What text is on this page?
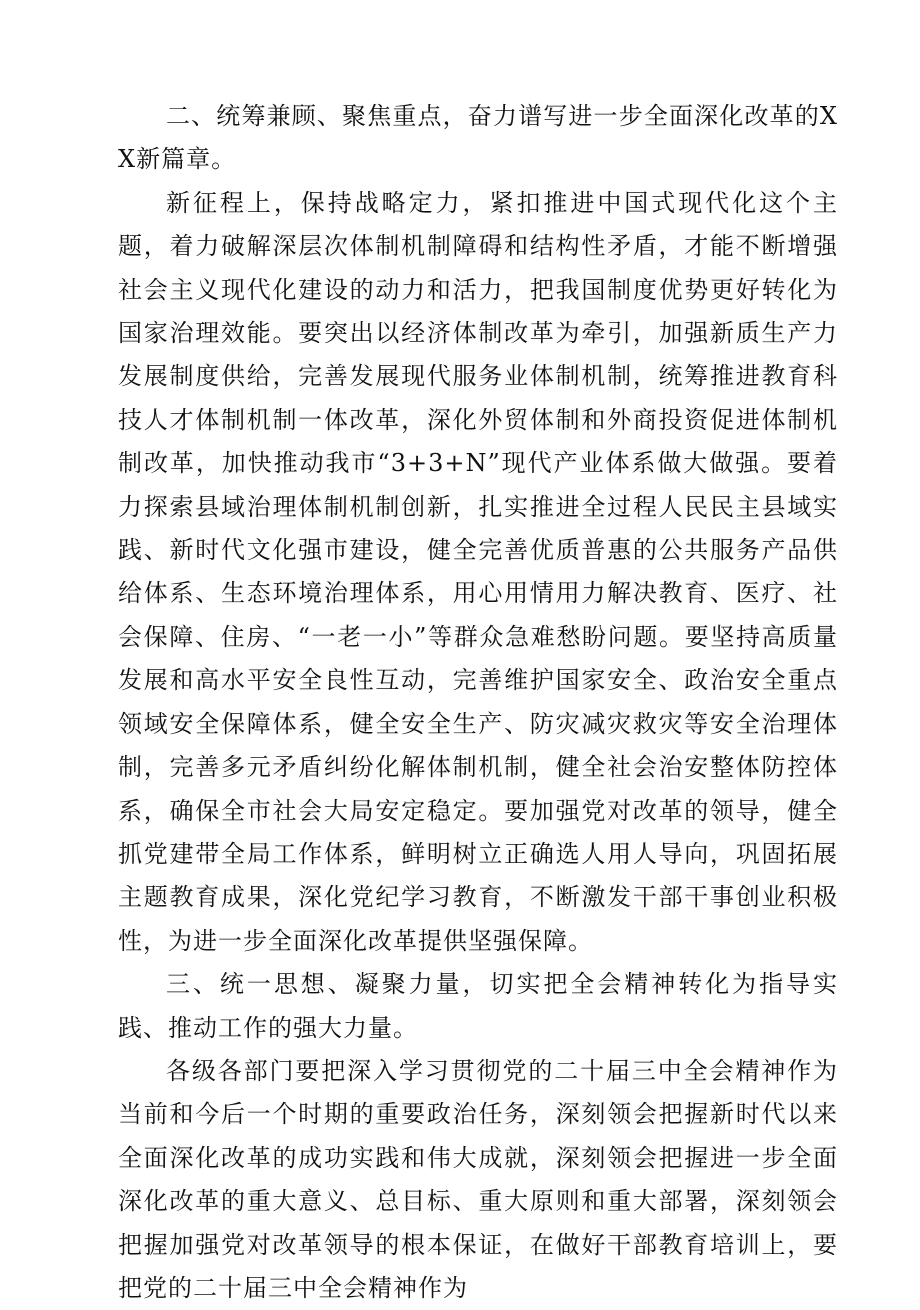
二、统筹兼顾、聚焦重点，奋力谱写进一步全面深化改革的XX新篇章。

新征程上，保持战略定力，紧扣推进中国式现代化这个主题，着力破解深层次体制机制障碍和结构性矛盾，才能不断增强社会主义现代化建设的动力和活力，把我国制度优势更好转化为国家治理效能。要突出以经济体制改革为牵引，加强新质生产力发展制度供给，完善发展现代服务业体制机制，统筹推进教育科技人才体制机制一体改革，深化外贸体制和外商投资促进体制机制改革，加快推动我市“3+3+N”现代产业体系做大做强。要着力探索县域治理体制机制创新，扎实推进全过程人民民主县域实践、新时代文化强市建设，健全完善优质普惠的公共服务产品供给体系、生态环境治理体系，用心用情用力解决教育、医疗、社会保障、住房、“一老一小”等群众急难愁盼问题。要坚持高质量发展和高水平安全良性互动，完善维护国家安全、政治安全重点领域安全保障体系，健全安全生产、防灾减灾救灾等安全治理体制，完善多元矛盾纠纷化解体制机制，健全社会治安整体防控体系，确保全市社会大局安定稳定。要加强党对改革的领导，健全抓党建带全局工作体系，鲜明树立正确选人用人导向，巩固拓展主题教育成果，深化党纪学习教育，不断激发干部干事创业积极性，为进一步全面深化改革提供坚强保障。

三、统一思想、凝聚力量，切实把全会精神转化为指导实践、推动工作的强大力量。

各级各部门要把深入学习贯彻党的二十届三中全会精神作为当前和今后一个时期的重要政治任务，深刻领会把握新时代以来全面深化改革的成功实践和伟大成就，深刻领会把握进一步全面深化改革的重大意义、总目标、重大原则和重大部署，深刻领会把握加强党对改革领导的根本保证，在做好干部教育培训上，要把党的二十届三中全会精神作为
